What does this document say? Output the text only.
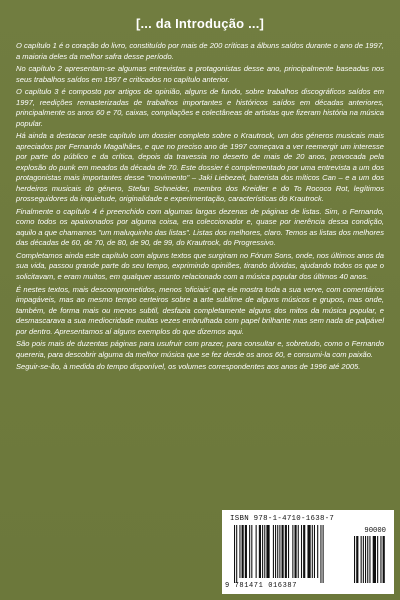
[... da Introdução ...]

O capítulo 1 é o coração do livro, constituído por mais de 200 críticas a álbuns saídos durante o ano de 1997, a maioria deles da melhor safra desse período.

No capítulo 2 apresentam-se algumas entrevistas a protagonistas desse ano, principalmente baseadas nos seus trabalhos saídos em 1997 e criticados no capítulo anterior.

O capítulo 3 é composto por artigos de opinião, alguns de fundo, sobre trabalhos discográficos saídos em 1997, reedições remasterizadas de trabalhos importantes e históricos saídos em décadas anteriores, principalmente os anos 60 e 70, caixas, compilações e colectâneas de artistas que fizeram história na música popular.

Há ainda a destacar neste capítulo um dossier completo sobre o Krautrock, um dos géneros musicais mais apreciados por Fernando Magalhães, e que no preciso ano de 1997 começava a ver reemergir um interesse por parte do público e da crítica, depois da travessia no deserto de mais de 20 anos, provocada pela explosão do punk em meados da década de 70. Este dossier é complementado por uma entrevista a um dos protagonistas mais importantes desse "movimento" – Jaki Liebezeit, baterista dos míticos Can – e a um dos herdeiros musicais do género, Stefan Schneider, membro dos Kreidler e do To Rococo Rot, legítimos prosseguidores da inquietude, originalidade e experimentação, características do Krautrock.

Finalmente o capítulo 4 é preenchido com algumas largas dezenas de páginas de listas. Sim, o Fernando, como todos os apaixonados por alguma coisa, era coleccionador e, quase por inerência dessa condição, aquilo a que chamamos "um maluquinho das listas". Listas dos melhores, claro. Temos as listas dos melhores das décadas de 60, de 70, de 80, de 90, de 99, do Krautrock, do Progressivo.

Completamos ainda este capítulo com alguns textos que surgiram no Fórum Sons, onde, nos últimos anos da sua vida, passou grande parte do seu tempo, exprimindo opiniões, tirando dúvidas, ajudando todos os que o solicitavam, e eram muitos, em qualquer assunto relacionado com a música popular dos últimos 40 anos.

É nestes textos, mais descomprometidos, menos 'oficiais' que ele mostra toda a sua verve, com comentários impagáveis, mas ao mesmo tempo certeiros sobre a arte sublime de alguns músicos e grupos, mas onde, também, de forma mais ou menos subtil, desfazia completamente alguns dos mitos da música popular, e desmascarava a sua mediocridade muitas vezes embrulhada com papel brilhante mas sem nada de palpável por dentro. Apresentamos aí alguns exemplos do que dizemos aqui.

São pois mais de duzentas páginas para usufruir com prazer, para consultar e, sobretudo, como o Fernando quereria, para descobrir alguma da melhor música que se fez desde os anos 60, e consumi-la com paixão.

Seguir-se-ão, à medida do tempo disponível, os volumes correspondentes aos anos de 1996 até 2005.

ISBN 978-1-4710-1638-7
90000
9 781471 016387
